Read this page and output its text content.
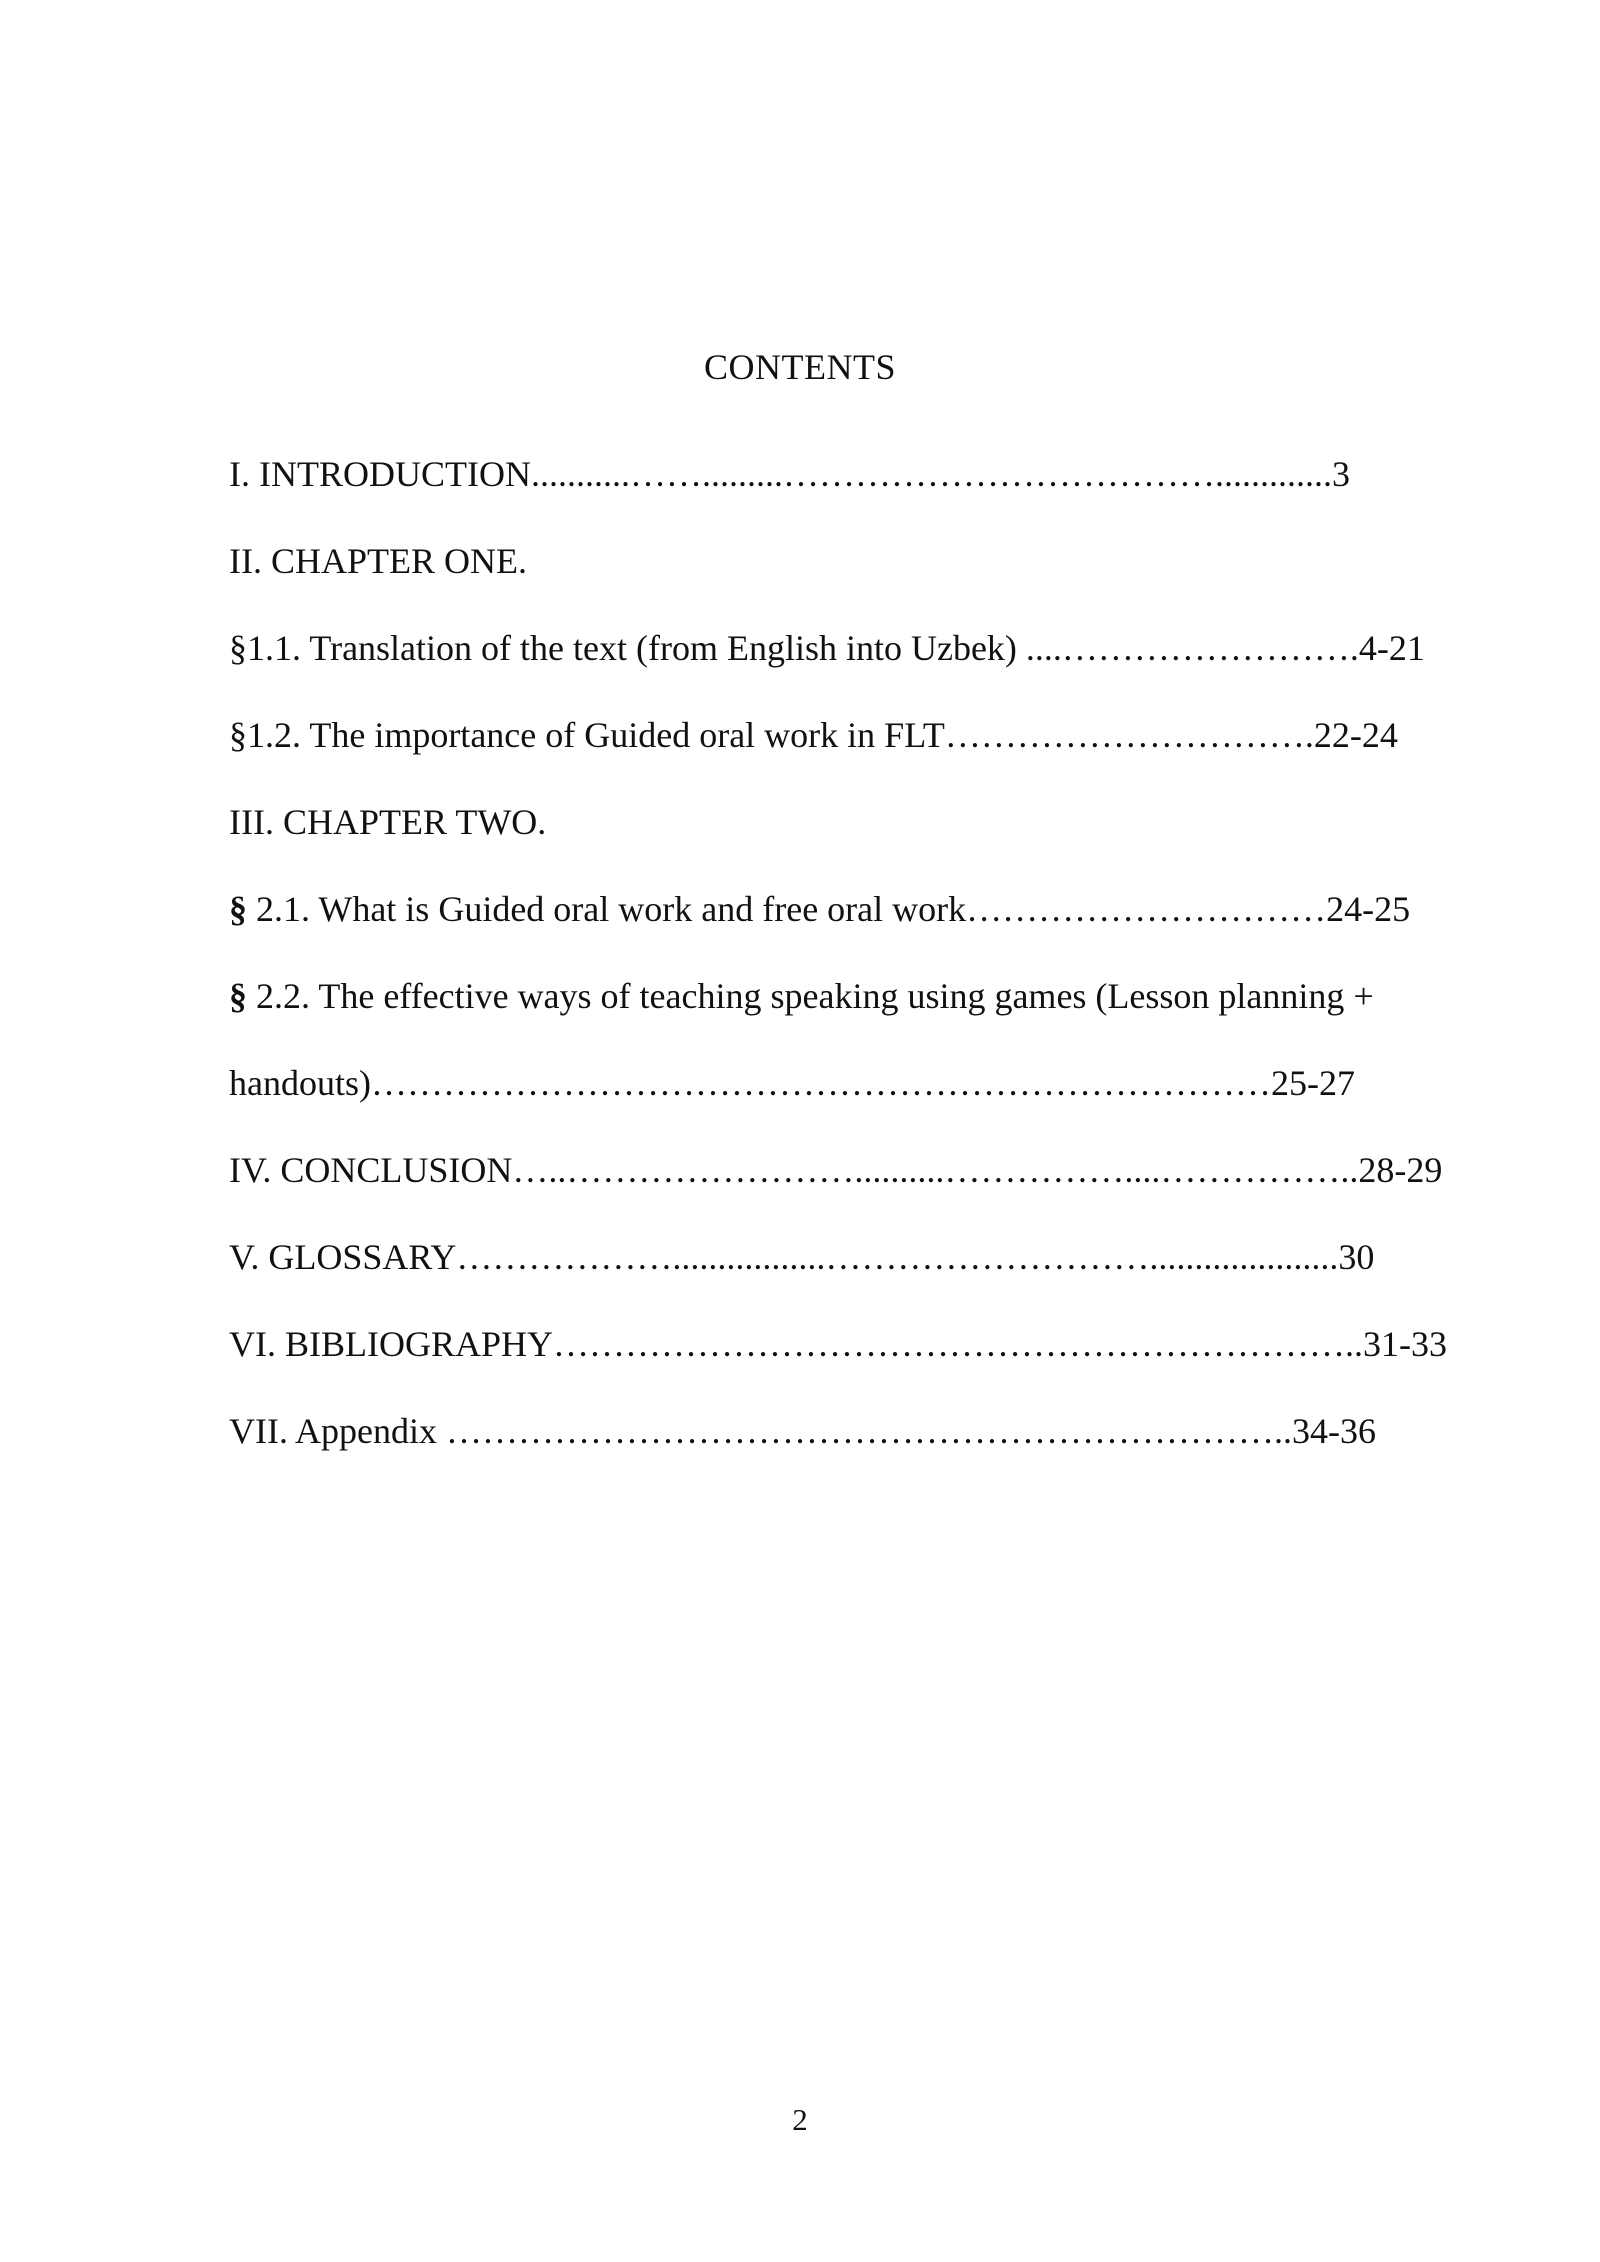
CONTENTS
I. INTRODUCTION...........…….........……………………………….............3
II. CHAPTER ONE.
§1.1. Translation of the text (from English into Uzbek) ....…………………….4-21
§1.2. The importance of Guided oral work in FLT………………………….22-24
III. CHAPTER TWO.
§ 2.1. What is Guided oral work and free oral work…………………………24-25
§ 2.2. The effective ways of teaching speaking using games (Lesson planning +
handouts)…………………………………………………………………25-27
IV. CONCLUSION…..……………………..........……………....……………..28-29
V. GLOSSARY……………….................……………………….....................30
VI. BIBLIOGRAPHY…………………………………………………………..31-33
VII. Appendix ……………………………………………………………..34-36
2
